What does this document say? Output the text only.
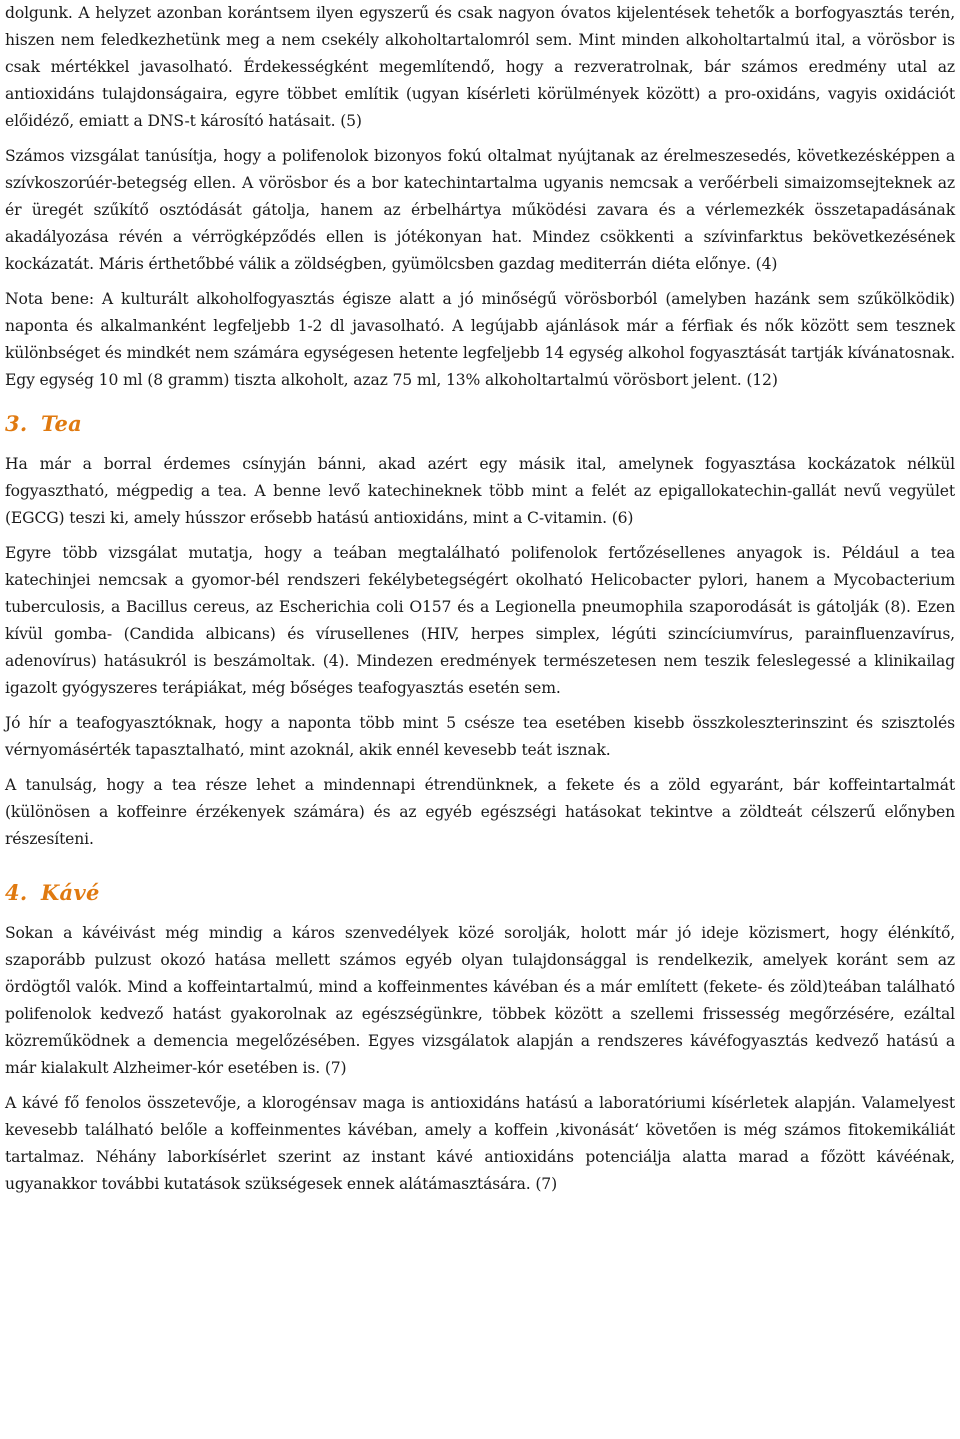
dolgunk. A helyzet azonban korántsem ilyen egyszerű és csak nagyon óvatos kijelentések tehetők a borfogyasztás terén, hiszen nem feledkezhetünk meg a nem csekély alkoholtartalomról sem. Mint minden alkoholtartalmú ital, a vörösbor is csak mértékkel javasolható. Érdekességként megemlítendő, hogy a rezveratrolnak, bár számos eredmény utal az antioxidáns tulajdonságaira, egyre többet említik (ugyan kísérleti körülmények között) a pro-oxidáns, vagyis oxidációt előidéző, emiatt a DNS-t károsító hatásait. (5)

Számos vizsgálat tanúsítja, hogy a polifenolok bizonyos fokú oltalmat nyújtanak az érelmeszesedés, következésképpen a szívkoszorúér-betegség ellen. A vörösbor és a bor katechintartalma ugyanis nemcsak a verőérbeli simaizomsejteknek az ér üregét szűkítő osztódását gátolja, hanem az érbelhártya működési zavara és a vérlemezkék összetapadásának akadályozása révén a vérrögképződés ellen is jótékonyan hat. Mindez csökkenti a szívinfarktus bekövetkezésének kockázatát. Máris érthetőbbé válik a zöldségben, gyümölcsben gazdag mediterrán diéta előnye. (4)

Nota bene: A kulturált alkoholfogyasztás égisze alatt a jó minőségű vörösborból (amelyben hazánk sem szűkölködik) naponta és alkalmanként legfeljebb 1-2 dl javasolható. A legújabb ajánlások már a férfiak és nők között sem tesznek különbséget és mindkét nem számára egységesen hetente legfeljebb 14 egység alkohol fogyasztását tartják kívánatosnak. Egy egység 10 ml (8 gramm) tiszta alkoholt, azaz 75 ml, 13% alkoholtartalmú vörösbort jelent. (12)

3. Tea

Ha már a borral érdemes csínyján bánni, akad azért egy másik ital, amelynek fogyasztása kockázatok nélkül fogyasztható, mégpedig a tea. A benne levő katechineknek több mint a felét az epigallokatechin-gallát nevű vegyület (EGCG) teszi ki, amely hússzor erősebb hatású antioxidáns, mint a C-vitamin. (6)

Egyre több vizsgálat mutatja, hogy a teában megtalálható polifenolok fertőzésellenes anyagok is. Például a tea katechinjei nemcsak a gyomor-bél rendszeri fekélybetegségért okolható Helicobacter pylori, hanem a Mycobacterium tuberculosis, a Bacillus cereus, az Escherichia coli O157 és a Legionella pneumophila szaporodását is gátolják (8). Ezen kívül gomba- (Candida albicans) és vírusellenes (HIV, herpes simplex, légúti szincíciumvírus, parainfluenzavírus, adenovírus) hatásukról is beszámoltak. (4). Mindezen eredmények természetesen nem teszik feleslegessé a klinikailag igazolt gyógyszeres terápiákat, még bőséges teafogyasztás esetén sem.

Jó hír a teafogyasztóknak, hogy a naponta több mint 5 csésze tea esetében kisebb összkoleszterinszint és szisztolés vérnyomásérték tapasztalható, mint azoknál, akik ennél kevesebb teát isznak.

A tanulság, hogy a tea része lehet a mindennapi étrendünknek, a fekete és a zöld egyaránt, bár koffeintartalmát (különösen a koffeinre érzékenyek számára) és az egyéb egészségi hatásokat tekintve a zöldteát célszerű előnyben részesíteni.

4. Kávé

Sokan a kávéivást még mindig a káros szenvedélyek közé sorolják, holott már jó ideje közismert, hogy élénkítő, szaporább pulzust okozó hatása mellett számos egyéb olyan tulajdonsággal is rendelkezik, amelyek koránt sem az ördögtől valók. Mind a koffeintartalmú, mind a koffeinmentes kávéban és a már említett (fekete- és zöld)teában található polifenolok kedvező hatást gyakorolnak az egészségünkre, többek között a szellemi frissesség megőrzésére, ezáltal közreműködnek a demencia megelőzésében. Egyes vizsgálatok alapján a rendszeres kávéfogyasztás kedvező hatású a már kialakult Alzheimer-kór esetében is. (7)

A kávé fő fenolos összetevője, a klorogénsav maga is antioxidáns hatású a laboratóriumi kísérletek alapján. Valamelyest kevesebb található belőle a koffeinmentes kávéban, amely a koffein ‚kivonását‘ követően is még számos fitokemikáliát tartalmaz. Néhány laborkísérlet szerint az instant kávé antioxidáns potenciálja alatta marad a főzött kávéénak, ugyanakkor további kutatások szükségesek ennek alátámasztására. (7)
